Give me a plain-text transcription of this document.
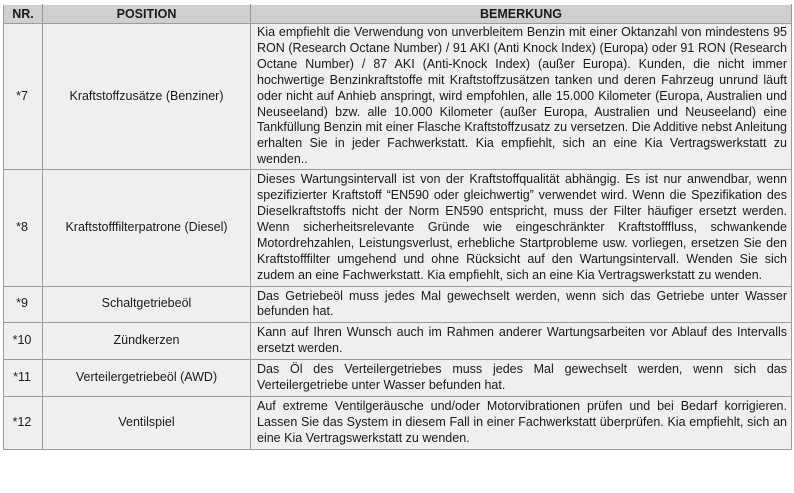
NR.	POSITION	BEMERKUNG
*7	Kraftstoffzusätze (Benziner)	Kia empfiehlt die Verwendung von unverbleitem Benzin mit einer Oktanzahl von mindestens 95 RON (Research Octane Number) / 91 AKI (Anti Knock Index) (Europa) oder 91 RON (Research Octane Number) / 87 AKI (Anti-Knock Index) (außer Europa). Kunden, die nicht immer hochwertige Benzinkraftstoffe mit Kraftstoffzusätzen tanken und deren Fahrzeug unrund läuft oder nicht auf Anhieb anspringt, wird empfohlen, alle 15.000 Kilometer (Europa, Australien und Neuseeland) bzw. alle 10.000 Kilometer (außer Europa, Australien und Neuseeland) eine Tankfüllung Benzin mit einer Flasche Kraftstoffzusatz zu versetzen. Die Additive nebst Anleitung erhalten Sie in jeder Fachwerkstatt. Kia empfiehlt, sich an eine Kia Vertragswerkstatt zu wenden..
*8	Kraftstofffilterpatrone (Diesel)	Dieses Wartungsintervall ist von der Kraftstoffqualität abhängig. Es ist nur anwendbar, wenn spezifizierter Kraftstoff “EN590 oder gleichwertig” verwendet wird. Wenn die Spezifikation des Dieselkraftstoffs nicht der Norm EN590 entspricht, muss der Filter häufiger ersetzt werden. Wenn sicherheitsrelevante Gründe wie eingeschränkter Kraftstofffluss, schwankende Motordrehzahlen, Leistungsverlust, erhebliche Startprobleme usw. vorliegen, ersetzen Sie den Kraftstofffilter umgehend und ohne Rücksicht auf den Wartungsintervall. Wenden Sie sich zudem an eine Fachwerkstatt. Kia empfiehlt, sich an eine Kia Vertragswerkstatt zu wenden.
*9	Schaltgetriebeöl	Das Getriebeöl muss jedes Mal gewechselt werden, wenn sich das Getriebe unter Wasser befunden hat.
*10	Zündkerzen	Kann auf Ihren Wunsch auch im Rahmen anderer Wartungsarbeiten vor Ablauf des Intervalls ersetzt werden.
*11	Verteilergetriebeöl (AWD)	Das Öl des Verteilergetriebes muss jedes Mal gewechselt werden, wenn sich das Verteilergetriebe unter Wasser befunden hat.
*12	Ventilspiel	Auf extreme Ventilgeräusche und/oder Motorvibrationen prüfen und bei Bedarf korrigieren. Lassen Sie das System in diesem Fall in einer Fachwerkstatt überprüfen. Kia empfiehlt, sich an eine Kia Vertragswerkstatt zu wenden.
